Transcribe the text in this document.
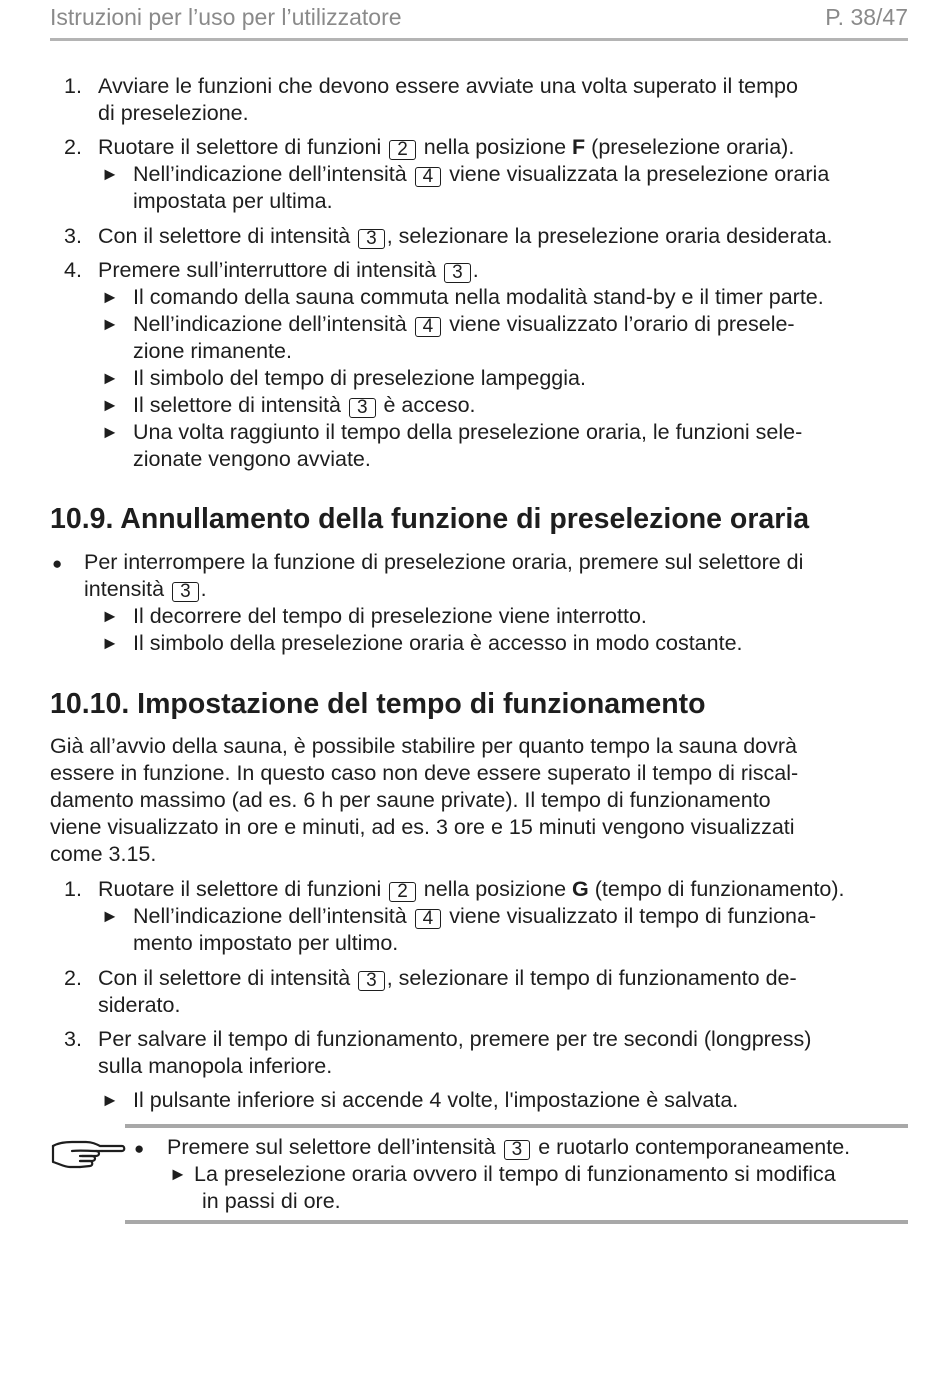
Istruzioni per l’uso per l’utilizzatore	P. 38/47
1. Avviare le funzioni che devono essere avviate una volta superato il tempo
di preselezione.
2. Ruotare il selettore di funzioni 2 nella posizione F (preselezione oraria).
► Nell’indicazione dell’intensità 4 viene visualizzata la preselezione oraria
impostata per ultima.
3. Con il selettore di intensità 3 , selezionare la preselezione oraria desiderata.
4. Premere sull’interruttore di intensità 3 .
► Il comando della sauna commuta nella modalità stand-by e il timer parte.
► Nell’indicazione dell’intensità 4 viene visualizzato l’orario di presele-
zione rimanente.
► Il simbolo del tempo di preselezione lampeggia.
► Il selettore di intensità 3 è acceso.
► Una volta raggiunto il tempo della preselezione oraria, le funzioni sele-
zionate vengono avviate.
10.9. Annullamento della funzione di preselezione oraria
● Per interrompere la funzione di preselezione oraria, premere sul selettore di
intensità 3 .
► Il decorrere del tempo di preselezione viene interrotto.
► Il simbolo della preselezione oraria è accesso in modo costante.
10.10. Impostazione del tempo di funzionamento
Già all’avvio della sauna, è possibile stabilire per quanto tempo la sauna dovrà
essere in funzione. In questo caso non deve essere superato il tempo di riscal-
damento massimo (ad es. 6 h per saune private). Il tempo di funzionamento
viene visualizzato in ore e minuti, ad es. 3 ore e 15 minuti vengono visualizzati
come 3.15.
1. Ruotare il selettore di funzioni 2 nella posizione G (tempo di funzionamento).
► Nell’indicazione dell’intensità 4 viene visualizzato il tempo di funziona-
mento impostato per ultimo.
2. Con il selettore di intensità 3 , selezionare il tempo di funzionamento de-
siderato.
3. Per salvare il tempo di funzionamento, premere per tre secondi (longpress)
sulla manopola inferiore.
► Il pulsante inferiore si accende 4 volte, l'impostazione è salvata.
● Premere sul selettore dell’intensità 3 e ruotarlo contemporaneamente.
► La preselezione oraria ovvero il tempo di funzionamento si modifica
in passi di ore.
